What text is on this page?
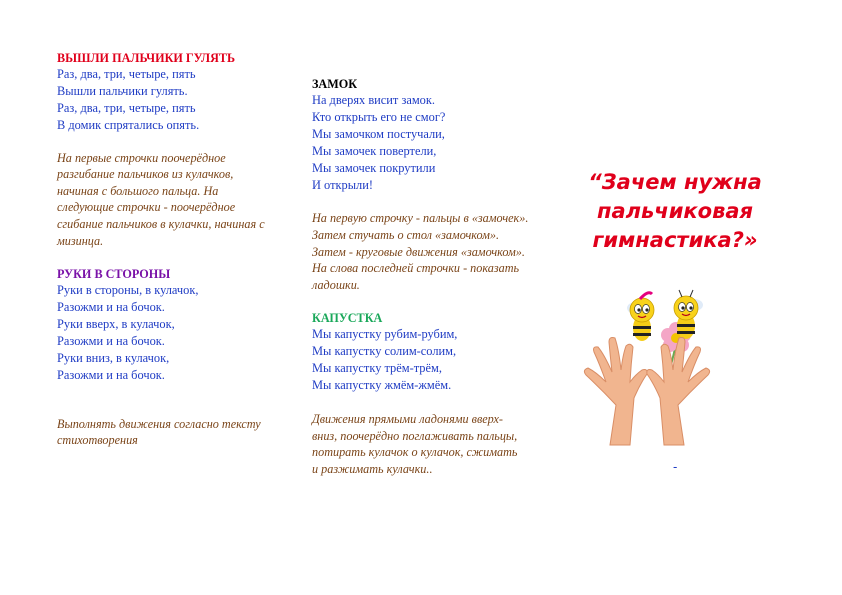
ВЫШЛИ ПАЛЬЧИКИ ГУЛЯТЬ

Раз, два, три, четыре, пять
Вышли пальчики гулять.
Раз, два, три, четыре, пять
В домик спрятались опять.
На первые строчки поочерёдное разгибание пальчиков из кулачков, начиная с большого пальца. На следующие строчки - поочерёдное сгибание пальчиков в кулачки, начиная с мизинца.

РУКИ В СТОРОНЫ

Руки в стороны, в кулачок,
Разожми и на бочок.
Руки вверх, в кулачок,
Разожми и на бочок.
Руки вниз, в кулачок,
Разожми и на бочок.
Выполнять движения согласно тексту стихотворения

ЗАМОК

На дверях висит замок.
Кто открыть его не смог?
Мы замочком постучали,
Мы замочек повертели,
Мы замочек покрутили
И открыли!
На первую строчку - пальцы в «замочек». Затем стучать о стол «замочком». Затем - круговые движения «замочком». На слова последней строчки - показать ладошки.

КАПУСТКА

Мы капустку рубим-рубим,
Мы капустку солим-солим,
Мы капустку трём-трём,
Мы капустку жмём-жмём.
Движения прямыми ладонями вверх-вниз, поочерёдно поглаживать пальцы, потирать кулачок о кулачок, сжимать и разжимать кулачки..

“Зачем нужна пальчиковая гимнастика?»

-
